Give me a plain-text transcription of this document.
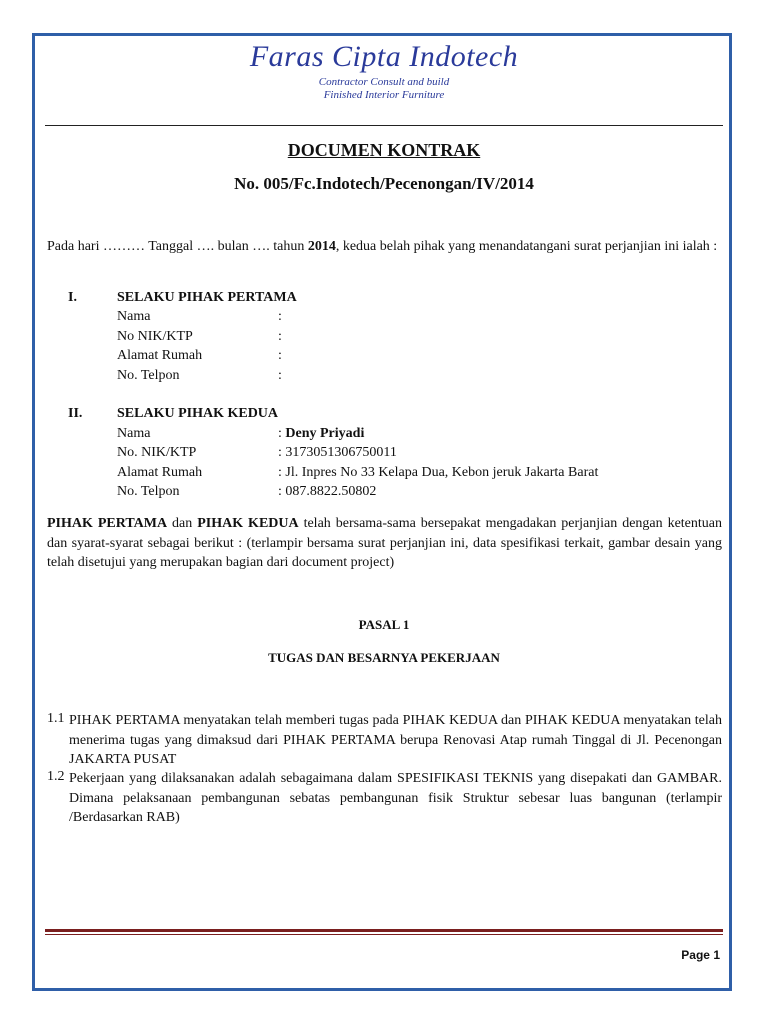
Faras Cipta Indotech
Contractor Consult and build
Finished Interior Furniture
DOCUMEN KONTRAK
No. 005/Fc.Indotech/Pecenongan/IV/2014

Pada hari ……… Tanggal …. bulan …. tahun 2014, kedua belah pihak yang menandatangani surat perjanjian ini ialah :

I.	SELAKU PIHAK PERTAMA
Nama	:
No NIK/KTP	:
Alamat Rumah	:
No. Telpon	:
II. SELAKU PIHAK KEDUA
Nama	: Deny Priyadi
No. NIK/KTP	: 3173051306750011
Alamat Rumah	: Jl. Inpres No 33 Kelapa Dua, Kebon jeruk Jakarta Barat
No. Telpon	: 087.8822.50802

PIHAK PERTAMA dan PIHAK KEDUA telah bersama-sama bersepakat mengadakan perjanjian dengan ketentuan dan syarat-syarat sebagai berikut : (terlampir bersama surat perjanjian ini, data spesifikasi terkait, gambar desain yang telah disetujui yang merupakan bagian dari document project)

PASAL 1
TUGAS DAN BESARNYA PEKERJAAN
1.1 PIHAK PERTAMA menyatakan telah memberi tugas pada PIHAK KEDUA dan PIHAK KEDUA menyatakan telah menerima tugas yang dimaksud dari PIHAK PERTAMA berupa Renovasi Atap rumah Tinggal di Jl. Pecenongan JAKARTA PUSAT
1.2 Pekerjaan yang dilaksanakan adalah sebagaimana dalam SPESIFIKASI TEKNIS yang disepakati dan GAMBAR. Dimana pelaksanaan pembangunan sebatas pembangunan fisik Struktur sebesar luas bangunan (terlampir /Berdasarkan RAB)
Page 1
